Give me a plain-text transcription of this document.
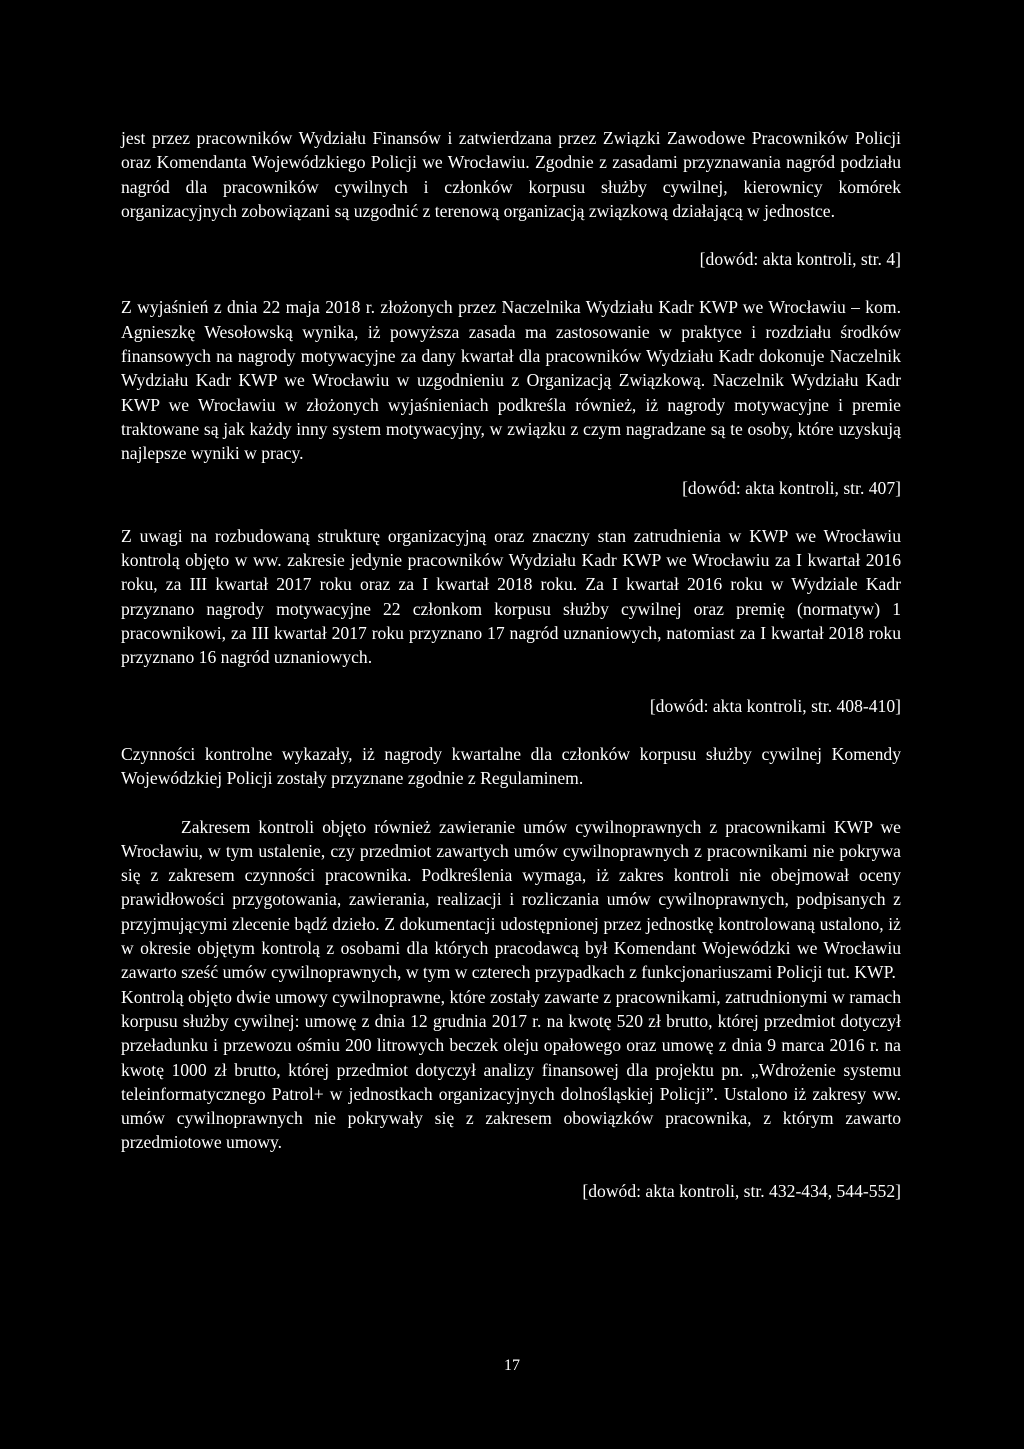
jest przez pracowników Wydziału Finansów i zatwierdzana przez Związki Zawodowe Pracowników Policji oraz Komendanta Wojewódzkiego Policji we Wrocławiu. Zgodnie z zasadami przyznawania nagród podziału nagród dla pracowników cywilnych i członków korpusu służby cywilnej, kierownicy komórek organizacyjnych zobowiązani są uzgodnić z terenową organizacją związkową działającą w jednostce.

[dowód: akta kontroli, str. 4]

Z wyjaśnień z dnia 22 maja 2018 r. złożonych przez Naczelnika Wydziału Kadr KWP we Wrocławiu – kom. Agnieszkę Wesołowską wynika, iż powyższa zasada ma zastosowanie w praktyce i rozdziału środków finansowych na nagrody motywacyjne za dany kwartał dla pracowników Wydziału Kadr dokonuje Naczelnik Wydziału Kadr KWP we Wrocławiu w uzgodnieniu z Organizacją Związkową. Naczelnik Wydziału Kadr KWP we Wrocławiu w złożonych wyjaśnieniach podkreśla również, iż nagrody motywacyjne i premie traktowane są jak każdy inny system motywacyjny, w związku z czym nagradzane są te osoby, które uzyskują najlepsze wyniki w pracy.

[dowód: akta kontroli, str. 407]

Z uwagi na rozbudowaną strukturę organizacyjną oraz znaczny stan zatrudnienia w KWP we Wrocławiu kontrolą objęto w ww. zakresie jedynie pracowników Wydziału Kadr KWP we Wrocławiu za I kwartał 2016 roku, za III kwartał 2017 roku oraz za I kwartał 2018 roku. Za I kwartał 2016 roku w Wydziale Kadr przyznano nagrody motywacyjne 22 członkom korpusu służby cywilnej oraz premię (normatyw) 1 pracownikowi, za III kwartał 2017 roku przyznano 17 nagród uznaniowych, natomiast za I kwartał 2018 roku przyznano 16 nagród uznaniowych.

[dowód: akta kontroli, str. 408-410]

Czynności kontrolne wykazały, iż nagrody kwartalne dla członków korpusu służby cywilnej Komendy Wojewódzkiej Policji zostały przyznane zgodnie z Regulaminem.

Zakresem kontroli objęto również zawieranie umów cywilnoprawnych z pracownikami KWP we Wrocławiu, w tym ustalenie, czy przedmiot zawartych umów cywilnoprawnych z pracownikami nie pokrywa się z zakresem czynności pracownika. Podkreślenia wymaga, iż zakres kontroli nie obejmował oceny prawidłowości przygotowania, zawierania, realizacji i rozliczania umów cywilnoprawnych, podpisanych z przyjmującymi zlecenie bądź dzieło. Z dokumentacji udostępnionej przez jednostkę kontrolowaną ustalono, iż w okresie objętym kontrolą z osobami dla których pracodawcą był Komendant Wojewódzki we Wrocławiu zawarto sześć umów cywilnoprawnych, w tym w czterech przypadkach z funkcjonariuszami Policji tut. KWP.

Kontrolą objęto dwie umowy cywilnoprawne, które zostały zawarte z pracownikami, zatrudnionymi w ramach korpusu służby cywilnej: umowę z dnia 12 grudnia 2017 r. na kwotę 520 zł brutto, której przedmiot dotyczył przeładunku i przewozu ośmiu 200 litrowych beczek oleju opałowego oraz umowę z dnia 9 marca 2016 r. na kwotę 1000 zł brutto, której przedmiot dotyczył analizy finansowej dla projektu pn. „Wdrożenie systemu teleinformatycznego Patrol+ w jednostkach organizacyjnych dolnośląskiej Policji”. Ustalono iż zakresy ww. umów cywilnoprawnych nie pokrywały się z zakresem obowiązków pracownika, z którym zawarto przedmiotowe umowy.

[dowód: akta kontroli, str. 432-434, 544-552]

17
